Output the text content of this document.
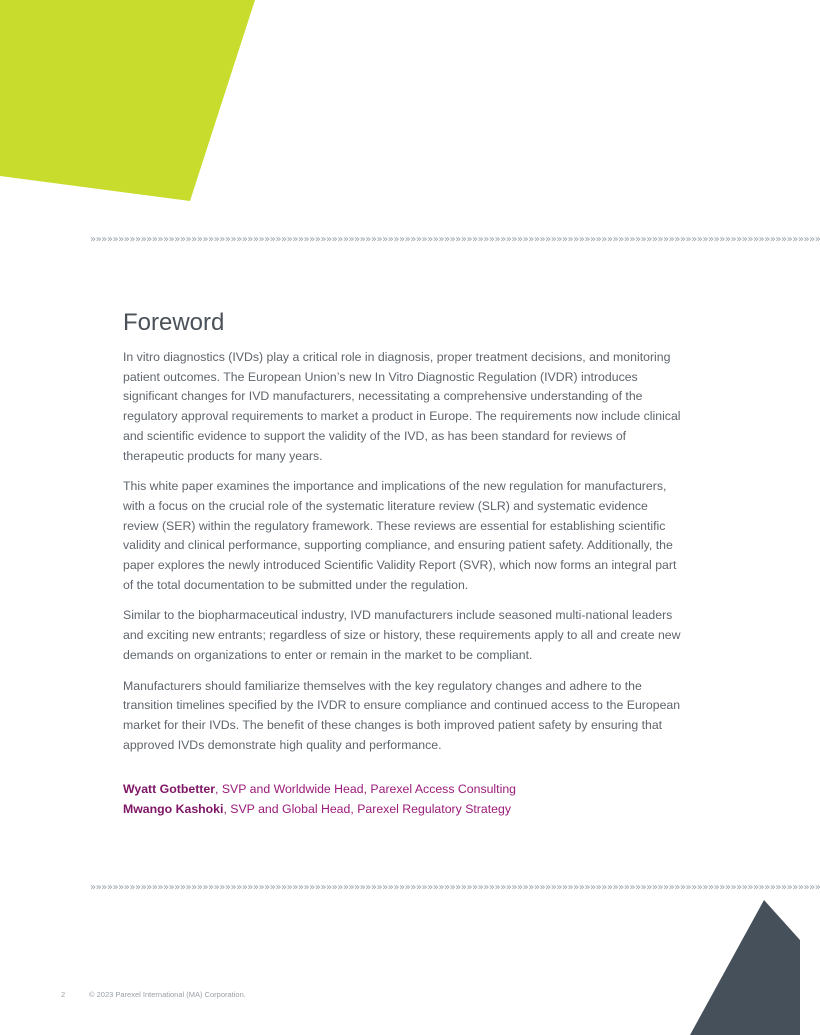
»»»»»»»»»»»»»»»»»»»»»»»»»»»»»»»»»»»»»»»»»»»»»»»»»»»»»»»»»»»»»»»»»»»»»»»»»»»»»»»»»»»»»»»»»»»»»»»»»»»»»»»»»»»»»»»»»»»»»»»»»»»»»»»»»»
Foreword

In vitro diagnostics (IVDs) play a critical role in diagnosis, proper treatment decisions, and monitoring patient outcomes. The European Union’s new In Vitro Diagnostic Regulation (IVDR) introduces significant changes for IVD manufacturers, necessitating a comprehensive understanding of the regulatory approval requirements to market a product in Europe. The requirements now include clinical and scientific evidence to support the validity of the IVD, as has been standard for reviews of therapeutic products for many years.

This white paper examines the importance and implications of the new regulation for manufacturers, with a focus on the crucial role of the systematic literature review (SLR) and systematic evidence review (SER) within the regulatory framework. These reviews are essential for establishing scientific validity and clinical performance, supporting compliance, and ensuring patient safety. Additionally, the paper explores the newly introduced Scientific Validity Report (SVR), which now forms an integral part of the total documentation to be submitted under the regulation.

Similar to the biopharmaceutical industry, IVD manufacturers include seasoned multi-national leaders and exciting new entrants; regardless of size or history, these requirements apply to all and create new demands on organizations to enter or remain in the market to be compliant.

Manufacturers should familiarize themselves with the key regulatory changes and adhere to the transition timelines specified by the IVDR to ensure compliance and continued access to the European market for their IVDs. The benefit of these changes is both improved patient safety by ensuring that approved IVDs demonstrate high quality and performance.

Wyatt Gotbetter, SVP and Worldwide Head, Parexel Access Consulting
Mwango Kashoki, SVP and Global Head, Parexel Regulatory Strategy
»»»»»»»»»»»»»»»»»»»»»»»»»»»»»»»»»»»»»»»»»»»»»»»»»»»»»»»»»»»»»»»»»»»»»»»»»»»»»»»»»»»»»»»»»»»»»»»»»»»»»»»»»»»»»»»»»»»»»»»»»»»»»»»»»»
2	© 2023 Parexel International (MA) Corporation.
